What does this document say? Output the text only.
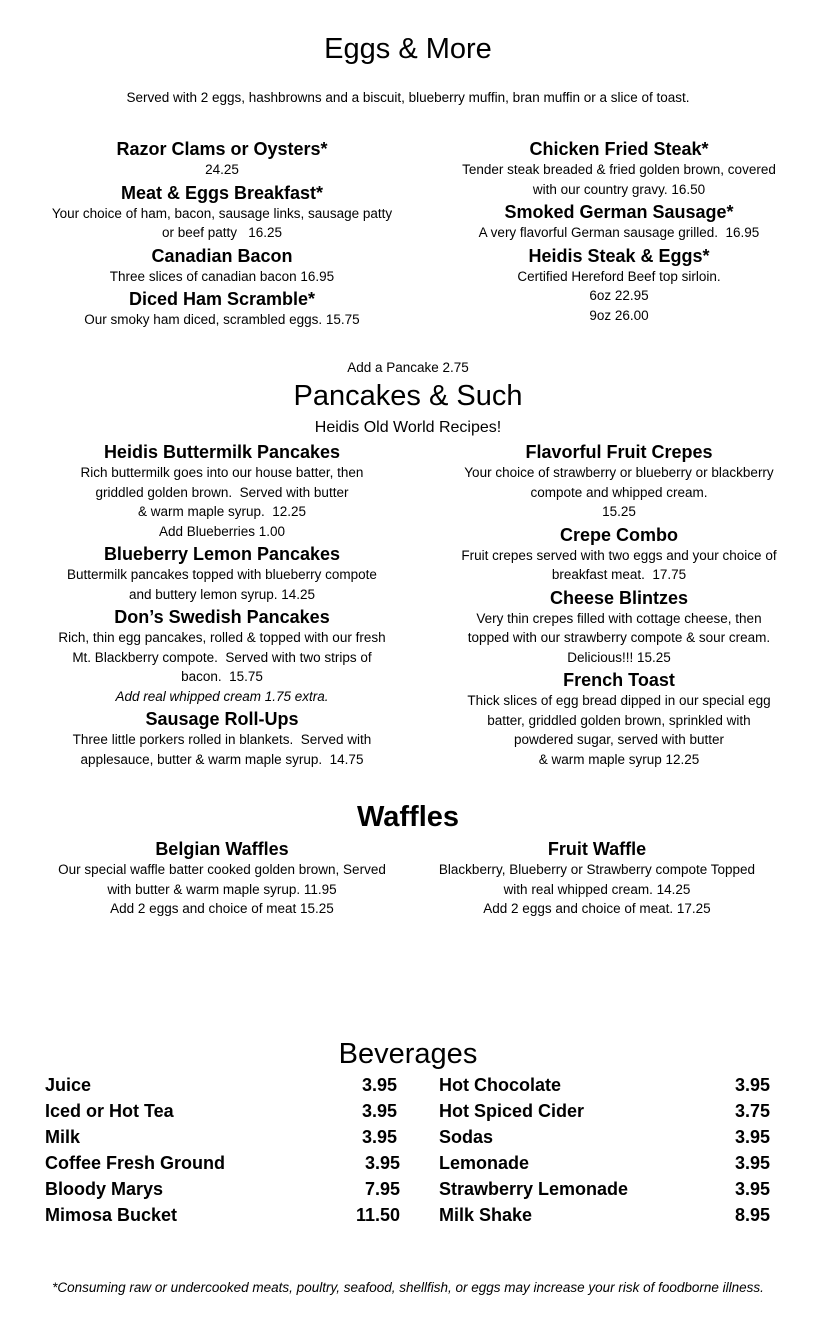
Eggs & More
Served with 2 eggs, hashbrowns and a biscuit, blueberry muffin, bran muffin or a slice of toast.
Razor Clams or Oysters*
24.25
Meat & Eggs Breakfast*
Your choice of ham, bacon, sausage links, sausage patty
or beef patty   16.25
Canadian Bacon
Three slices of canadian bacon 16.95
Diced Ham Scramble*
Our smoky ham diced, scrambled eggs. 15.75
Chicken Fried Steak*
Tender steak breaded & fried golden brown, covered
with our country gravy. 16.50
Smoked German Sausage*
A very flavorful German sausage grilled.  16.95
Heidis Steak & Eggs*
Certified Hereford Beef top sirloin.
6oz 22.95
9oz 26.00
Add a Pancake 2.75
Pancakes & Such
Heidis Old World Recipes!
Heidis Buttermilk Pancakes
Rich buttermilk goes into our house batter, then
griddled golden brown.  Served with butter
& warm maple syrup.  12.25
Add Blueberries 1.00
Blueberry Lemon Pancakes
Buttermilk pancakes topped with blueberry compote
and buttery lemon syrup. 14.25
Don’s Swedish Pancakes
Rich, thin egg pancakes, rolled & topped with our fresh
Mt. Blackberry compote.  Served with two strips of
bacon.  15.75
Add real whipped cream 1.75 extra.
Sausage Roll-Ups
Three little porkers rolled in blankets.  Served with
applesauce, butter & warm maple syrup.  14.75
Flavorful Fruit Crepes
Your choice of strawberry or blueberry or blackberry
compote and whipped cream.
15.25
Crepe Combo
Fruit crepes served with two eggs and your choice of
breakfast meat.  17.75
Cheese Blintzes
Very thin crepes filled with cottage cheese, then
topped with our strawberry compote & sour cream.
Delicious!!! 15.25
French Toast
Thick slices of egg bread dipped in our special egg
batter, griddled golden brown, sprinkled with
powdered sugar, served with butter
& warm maple syrup 12.25
Waffles
Belgian Waffles
Our special waffle batter cooked golden brown, Served
with butter & warm maple syrup. 11.95
Add 2 eggs and choice of meat 15.25
Fruit Waffle
Blackberry, Blueberry or Strawberry compote Topped
with real whipped cream. 14.25
Add 2 eggs and choice of meat. 17.25
Beverages
Juice	3.95
Iced or Hot Tea	3.95
Milk	3.95
Coffee Fresh Ground	3.95
Bloody Marys	7.95
Mimosa Bucket	11.50
Hot Chocolate	3.95
Hot Spiced Cider	3.75
Sodas	3.95
Lemonade	3.95
Strawberry Lemonade	3.95
Milk Shake	8.95
*Consuming raw or undercooked meats, poultry, seafood, shellfish, or eggs may increase your risk of foodborne illness.
